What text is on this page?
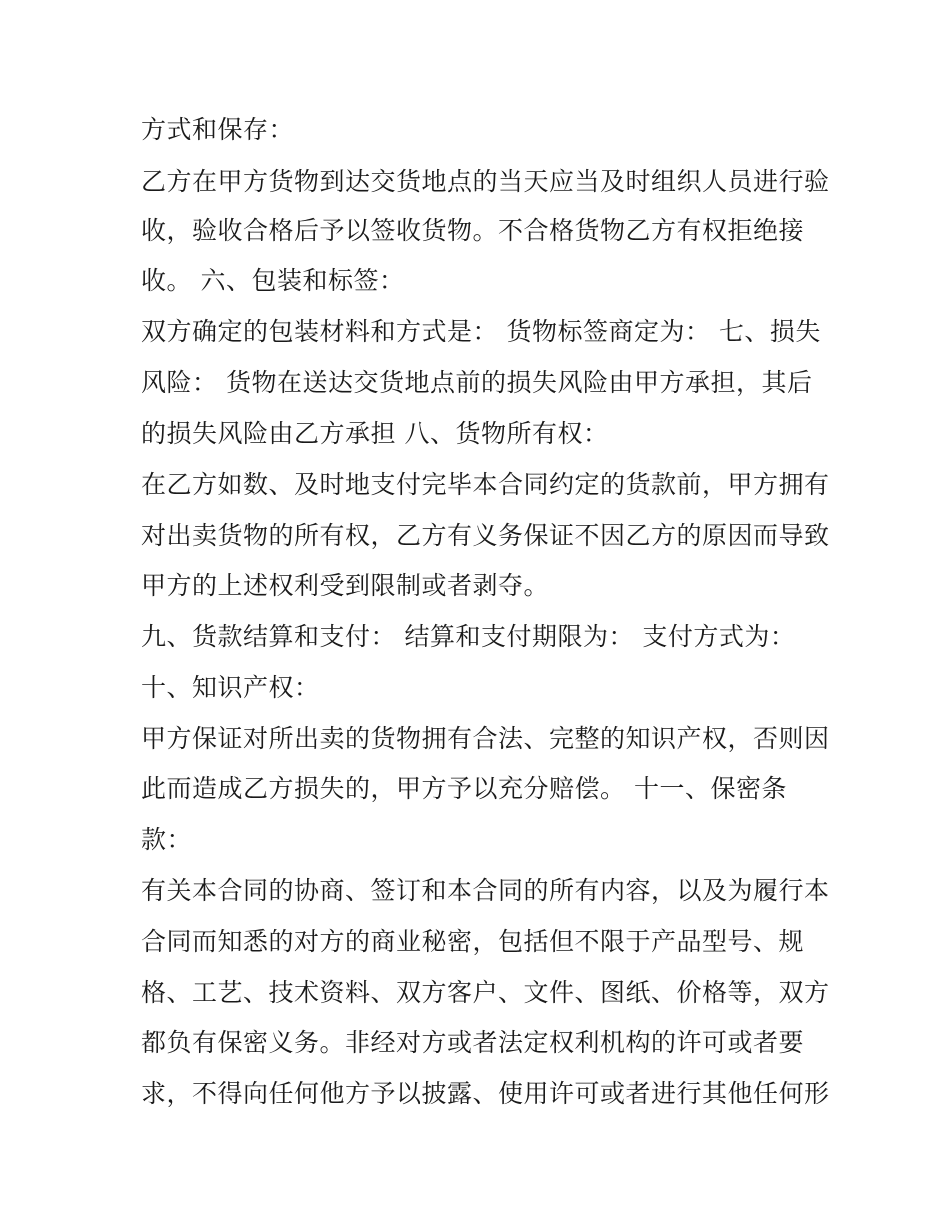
方式和保存：
乙方在甲方货物到达交货地点的当天应当及时组织人员进行验
收，验收合格后予以签收货物。不合格货物乙方有权拒绝接
收。 六、包装和标签：
双方确定的包装材料和方式是： 货物标签商定为： 七、损失
风险： 货物在送达交货地点前的损失风险由甲方承担，其后
的损失风险由乙方承担 八、货物所有权：
在乙方如数、及时地支付完毕本合同约定的货款前，甲方拥有
对出卖货物的所有权，乙方有义务保证不因乙方的原因而导致
甲方的上述权利受到限制或者剥夺。
九、货款结算和支付： 结算和支付期限为： 支付方式为：
十、知识产权：
甲方保证对所出卖的货物拥有合法、完整的知识产权，否则因
此而造成乙方损失的，甲方予以充分赔偿。 十一、保密条
款：
有关本合同的协商、签订和本合同的所有内容，以及为履行本
合同而知悉的对方的商业秘密，包括但不限于产品型号、规
格、工艺、技术资料、双方客户、文件、图纸、价格等，双方
都负有保密义务。非经对方或者法定权利机构的许可或者要
求，不得向任何他方予以披露、使用许可或者进行其他任何形
